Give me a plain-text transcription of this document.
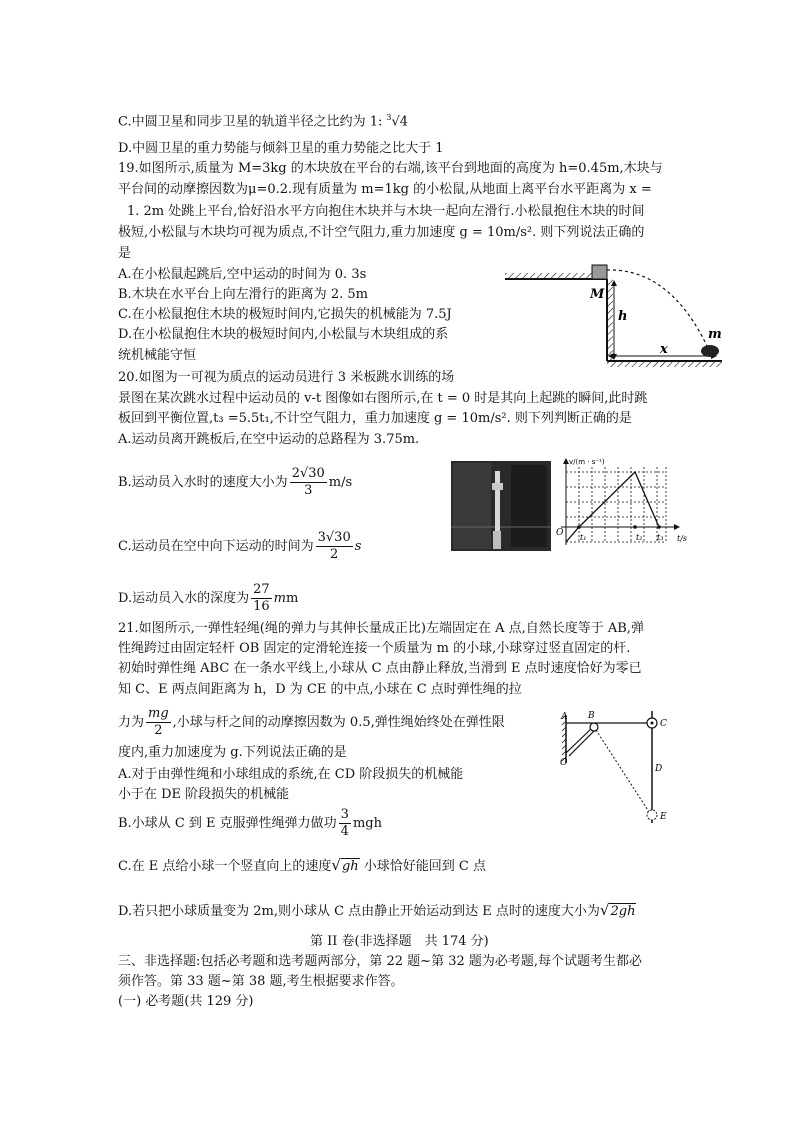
C.中圆卫星和同步卫星的轨道半径之比约为 1: $^3$√4
D.中圆卫星的重力势能与倾斜卫星的重力势能之比大于 1
19.如图所示,质量为 M=3kg 的木块放在平台的右端,该平台到地面的高度为 h=0.45m,木块与
平台间的动摩擦因数为μ=0.2.现有质量为 m=1kg 的小松鼠,从地面上离平台水平距离为 x =
1. 2m 处跳上平台,恰好沿水平方向抱住木块并与木块一起向左滑行.小松鼠抱住木块的时间
极短,小松鼠与木块均可视为质点,不计空气阻力,重力加速度 g = 10m/s². 则下列说法正确的
是
A.在小松鼠起跳后,空中运动的时间为 0. 3s
B.木块在水平台上向左滑行的距离为 2. 5m
C.在小松鼠抱住木块的极短时间内,它损失的机械能为 7.5J
D.在小松鼠抱住木块的极短时间内,小松鼠与木块组成的系
统机械能守恒
M
h
m
x
20.如图为一可视为质点的运动员进行 3 米板跳水训练的场
景图在某次跳水过程中运动员的 v-t 图像如右图所示,在 t = 0 时是其向上起跳的瞬间,此时跳
板回到平衡位置,t₃ =5.5t₁,不计空气阻力，重力加速度 g = 10m/s². 则下列判断正确的是
A.运动员离开跳板后,在空中运动的总路程为 3.75m.
B.运动员入水时的速度大小为 $\frac{2√30}{3} m/s$
C.运动员在空中向下运动的时间为 $\frac{3√30}{2}$ s
D.运动员入水的深度为 $\frac{27}{16}$ mm
v/(m · s⁻¹)
t/s
O t₁	t₂ t₃
21.如图所示,一弹性轻绳(绳的弹力与其伸长量成正比)左端固定在 A 点,自然长度等于 AB,弹
性绳跨过由固定轻杆 OB 固定的定滑轮连接一个质量为 m 的小球,小球穿过竖直固定的杆.
初始时弹性绳 ABC 在一条水平线上,小球从 C 点由静止释放,当滑到 E 点时速度恰好为零已
知 C、E 两点间距离为 h，D 为 CE 的中点,小球在 C 点时弹性绳的拉
力为 $\frac{mg}{2}$ ,小球与杆之间的动摩擦因数为 0.5,弹性绳始终处在弹性限
度内,重力加速度为 g.下列说法正确的是
A.对于由弹性绳和小球组成的系统,在 CD 阶段损失的机械能
小于在 DE 阶段损失的机械能
B.小球从 C 到 E 克服弹性绳弹力做功 $\frac{3}{4}$ mgh
C.在 E 点给小球一个竖直向上的速度√gh 小球恰好能回到 C 点
D.若只把小球质量变为 2m,则小球从 C 点由静止开始运动到达 E 点时的速度大小为√2gh
A B
C
D
E
O
第 II 卷(非选择题　共 174 分)
三、非选择题:包括必考题和选考题两部分，第 22 题~第 32 题为必考题,每个试题考生都必
须作答。第 33 题~第 38 题,考生根据要求作答。
(一) 必考题(共 129 分)
